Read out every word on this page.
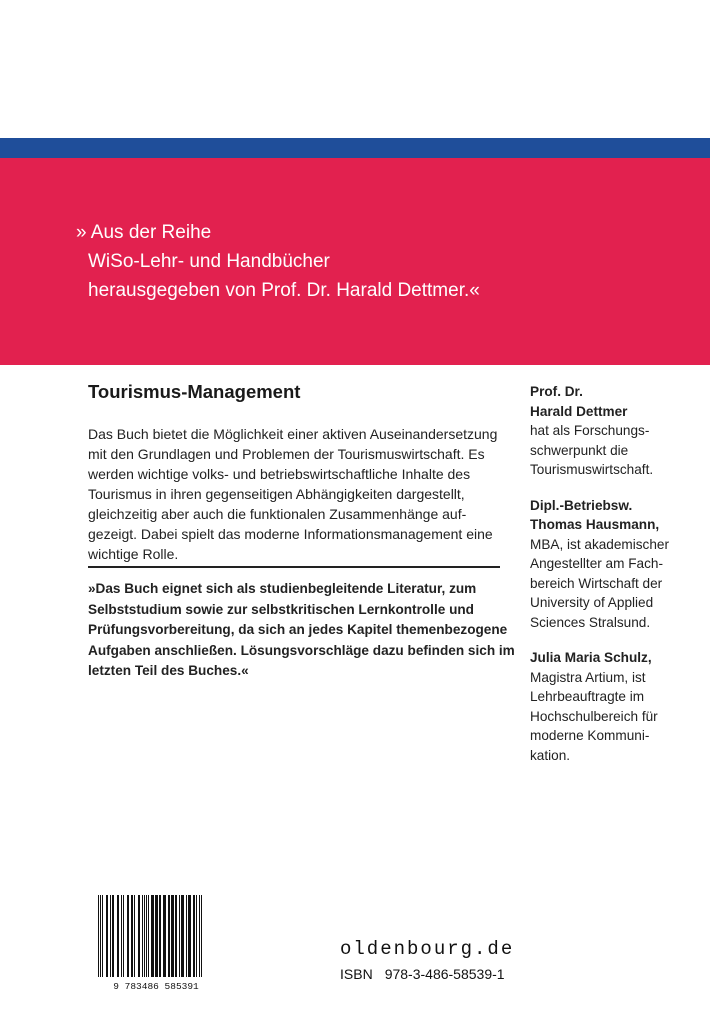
» Aus der Reihe
WiSo-Lehr- und Handbücher
herausgegeben von Prof. Dr. Harald Dettmer.«
Tourismus-Management
Das Buch bietet die Möglichkeit einer aktiven Auseinandersetzung
mit den Grundlagen und Problemen der Tourismuswirtschaft. Es
werden wichtige volks- und betriebswirtschaftliche Inhalte des
Tourismus in ihren gegenseitigen Abhängigkeiten dargestellt,
gleichzeitig aber auch die funktionalen Zusammenhänge auf-
gezeigt. Dabei spielt das moderne Informationsmanagement eine
wichtige Rolle.
»Das Buch eignet sich als studienbegleitende Literatur, zum
Selbststudium sowie zur selbstkritischen Lernkontrolle und
Prüfungsvorbereitung, da sich an jedes Kapitel themenbezogene
Aufgaben anschließen. Lösungsvorschläge dazu befinden sich im
letzten Teil des Buches.«
Prof. Dr.
Harald Dettmer
hat als Forschungs-
schwerpunkt die
Tourismuswirtschaft.
Dipl.-Betriebsw.
Thomas Hausmann,
MBA, ist akademischer
Angestellter am Fach-
bereich Wirtschaft der
University of Applied
Sciences Stralsund.
Julia Maria Schulz,
Magistra Artium, ist
Lehrbeauftragte im
Hochschulbereich für
moderne Kommuni-
kation.
9 783486 585391
oldenbourg.de
ISBN 978-3-486-58539-1
